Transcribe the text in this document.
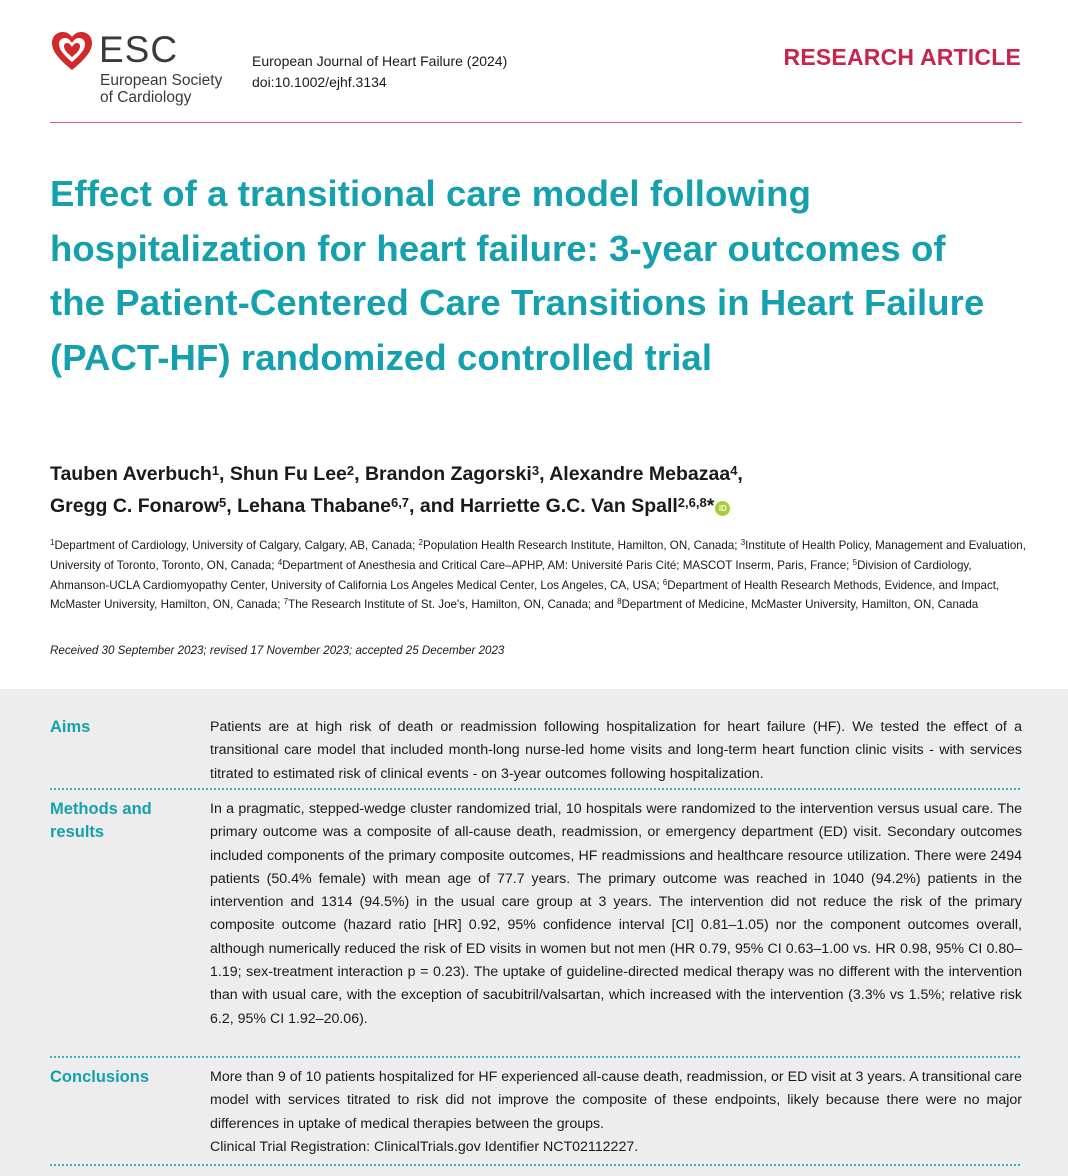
ESC
European Society
of Cardiology
European Journal of Heart Failure (2024)
doi:10.1002/ejhf.3134
RESEARCH ARTICLE
Effect of a transitional care model following hospitalization for heart failure: 3-year outcomes of the Patient-Centered Care Transitions in Heart Failure (PACT-HF) randomized controlled trial
Tauben Averbuch$^1$, Shun Fu Lee$^2$, Brandon Zagorski$^3$, Alexandre Mebazaa$^4$,
Gregg C. Fonarow$^5$, Lehana Thabane$^{6,7}$, and Harriette G.C. Van Spall$^{2,6,8}$* iD
$^1$Department of Cardiology, University of Calgary, Calgary, AB, Canada; $^2$Population Health Research Institute, Hamilton, ON, Canada; $^3$Institute of Health Policy, Management and Evaluation, University of Toronto, Toronto, ON, Canada; $^4$Department of Anesthesia and Critical Care–APHP, AM: Université Paris Cité; MASCOT Inserm, Paris, France; $^5$Division of Cardiology, Ahmanson-UCLA Cardiomyopathy Center, University of California Los Angeles Medical Center, Los Angeles, CA, USA; $^6$Department of Health Research Methods, Evidence, and Impact, McMaster University, Hamilton, ON, Canada; $^7$The Research Institute of St. Joe's, Hamilton, ON, Canada; and $^8$Department of Medicine, McMaster University, Hamilton, ON, Canada
Received 30 September 2023; revised 17 November 2023; accepted 25 December 2023
Aims	Patients are at high risk of death or readmission following hospitalization for heart failure (HF). We tested the effect of a transitional care model that included month-long nurse-led home visits and long-term heart function clinic visits - with services titrated to estimated risk of clinical events - on 3-year outcomes following hospitalization.
Methods and results
In a pragmatic, stepped-wedge cluster randomized trial, 10 hospitals were randomized to the intervention versus usual care. The primary outcome was a composite of all-cause death, readmission, or emergency department (ED) visit. Secondary outcomes included components of the primary composite outcomes, HF readmissions and healthcare resource utilization. There were 2494 patients (50.4% female) with mean age of 77.7 years. The primary outcome was reached in 1040 (94.2%) patients in the intervention and 1314 (94.5%) in the usual care group at 3 years. The intervention did not reduce the risk of the primary composite outcome (hazard ratio [HR] 0.92, 95% confidence interval [CI] 0.81–1.05) nor the component outcomes overall, although numerically reduced the risk of ED visits in women but not men (HR 0.79, 95% CI 0.63–1.00 vs. HR 0.98, 95% CI 0.80–1.19; sex-treatment interaction p = 0.23). The uptake of guideline-directed medical therapy was no different with the intervention than with usual care, with the exception of sacubitril/valsartan, which increased with the intervention (3.3% vs 1.5%; relative risk 6.2, 95% CI 1.92–20.06).
Conclusions	More than 9 of 10 patients hospitalized for HF experienced all-cause death, readmission, or ED visit at 3 years. A transitional care model with services titrated to risk did not improve the composite of these endpoints, likely because there were no major differences in uptake of medical therapies between the groups.
Clinical Trial Registration: ClinicalTrials.gov Identifier NCT02112227.
